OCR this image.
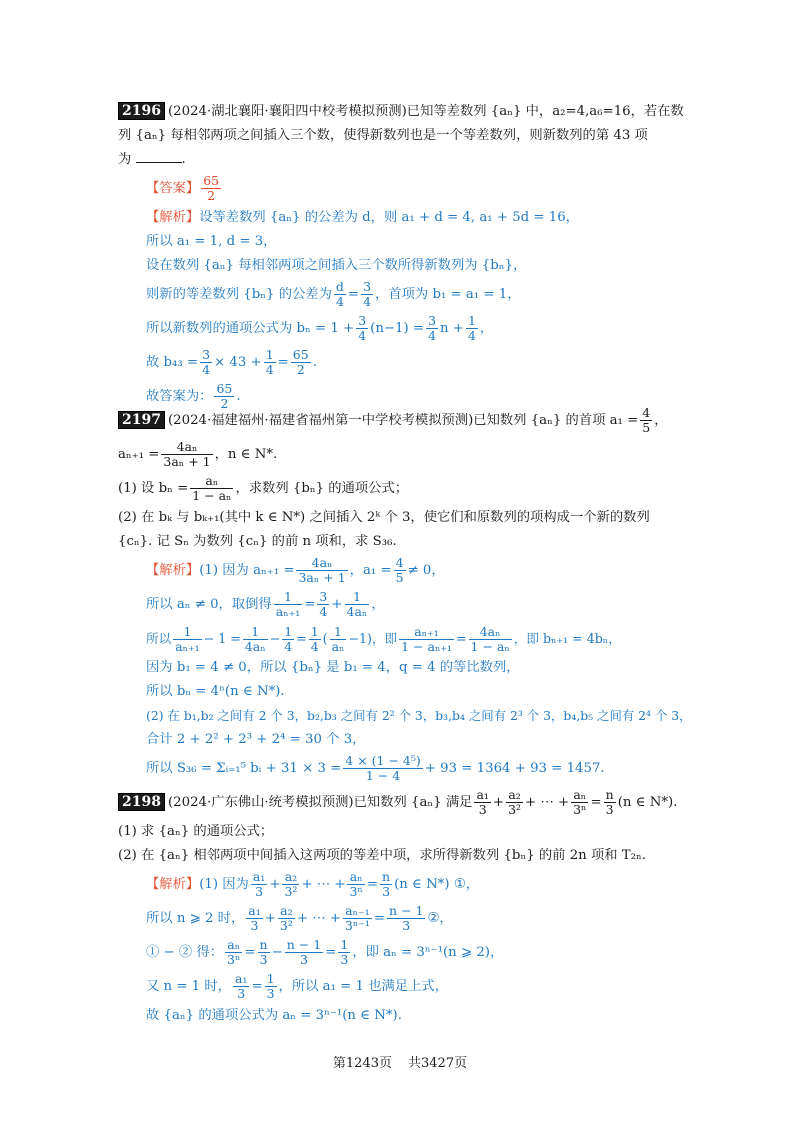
2196 (2024·湖北襄阳·襄阳四中校考模拟预测)已知等差数列 {aₙ} 中，a₂=4,a₆=16，若在数
列 {aₙ} 每相邻两项之间插入三个数，使得新数列也是一个等差数列，则新数列的第 43 项
为	.
【答案】 $\frac{65}{2}$
【解析】设等差数列 {aₙ} 的公差为 d，则 a₁ + d = 4, a₁ + 5d = 16，
所以 a₁ = 1, d = 3，
设在数列 {aₙ} 每相邻两项之间插入三个数所得新数列为 {bₙ}，
则新的等差数列 {bₙ} 的公差为 $\frac{d}{4} = \frac{3}{4}$ ，首项为 b₁ = a₁ = 1，
所以新数列的通项公式为 $b_n = 1 + \frac{3}{4} (n-1) = \frac{3}{4}$ $n + \frac{1}{4}$ ，
故 $b_{43} = \frac{3}{4} \times 43 + \frac{1}{4} = \frac{65}{2}$ .
故答案为： $\frac{65}{2}$ .
2197 (2024·福建福州·福建省福州第一中学校考模拟预测)已知数列 {aₙ} 的首项 $a_1 = \frac{4}{5}$ ，
$a_{n+1} = \frac{\text{4aₙ}}{\text{3aₙ + 1}}$ ，n ∈ N*.
(1) 设 $b_n = \frac{\text{aₙ}}{\text{1 − aₙ}}$ ，求数列 {bₙ} 的通项公式；
(2) 在 bₖ 与 bₖ₊₁(其中 k ∈ N*) 之间插入 2ᵏ 个 3，使它们和原数列的项构成一个新的数列
{cₙ}. 记 Sₙ 为数列 {cₙ} 的前 n 项和，求 S₃₆.
【解析】(1) 因为 $a_{n+1} = \frac{\text{4aₙ}}{\text{3aₙ + 1}}$ ，$a_1 = \frac{4}{5} \ne 0$，
所以 aₙ ≠ 0，取倒得 $\frac{1}{\text{aₙ₊₁}} = \frac{3}{4} + \frac{1}{\text{4aₙ}}$ ，
所以 $\frac{1}{\text{aₙ₊₁}} - 1 = \frac{1}{\text{4aₙ}} - \frac{1}{4} = \frac{1}{4}$ ( $\frac{1}{\text{aₙ}} -1$)，即 $\frac{\text{aₙ₊₁}}{\text{1 − aₙ₊₁}} = \frac{\text{4aₙ}}{\text{1 − aₙ}}$ ，即 bₙ₊₁ = 4bₙ，
因为 b₁ = 4 ≠ 0，所以 {bₙ} 是 b₁ = 4，q = 4 的等比数列，
所以 bₙ = 4ⁿ(n ∈ N*).
(2) 在 b₁,b₂ 之间有 2 个 3，b₂,b₃ 之间有 2² 个 3，b₃,b₄ 之间有 2³ 个 3，b₄,b₅ 之间有 2⁴ 个 3，
合计 2 + 2² + 2³ + 2⁴ = 30 个 3，
所以 S₃₆ = Σᵢ₌₁⁵ bᵢ + $31 \times 3 = \frac{\text{4 × (1 − 4⁵)}}{1 - 4} + 93 = 1364 + 93 = 1457$.
2198 (2024·广东佛山·统考模拟预测)已知数列 {aₙ} 满足 $\frac{\text{a₁}}{3} + \frac{\text{a₂}}{\text{3²}}$ + ⋯ + $\frac{\text{aₙ}}{\text{3ⁿ}} = \frac{n}{3} (n$ ∈ N*).
(1) 求 {aₙ} 的通项公式；
(2) 在 {aₙ} 相邻两项中间插入这两项的等差中项，求所得新数列 {bₙ} 的前 2n 项和 T₂ₙ.
【解析】(1) 因为 $\frac{\text{a₁}}{3} + \frac{\text{a₂}}{\text{3²}}$ + ⋯ + $\frac{\text{aₙ}}{\text{3ⁿ}} = \frac{n}{3} (n$ ∈ N*) ①，
所以 n ⩾ 2 时， $\frac{\text{a₁}}{3} + \frac{\text{a₂}}{\text{3²}}$ + ⋯ + $\frac{\text{aₙ₋₁}}{\text{3ⁿ⁻¹}} = \frac{n - 1}{3}$ ②，
① − ② 得： $\frac{\text{aₙ}}{\text{3ⁿ}} = \frac{n}{3} - \frac{n - 1}{3} = \frac{1}{3}$ ，即 aₙ = 3ⁿ⁻¹(n ⩾ 2)，
又 n = 1 时， $\frac{\text{a₁}}{3} = \frac{1}{3}$ ，所以 a₁ = 1 也满足上式，
故 {aₙ} 的通项公式为 aₙ = 3ⁿ⁻¹(n ∈ N*).
第1243页 共3427页
